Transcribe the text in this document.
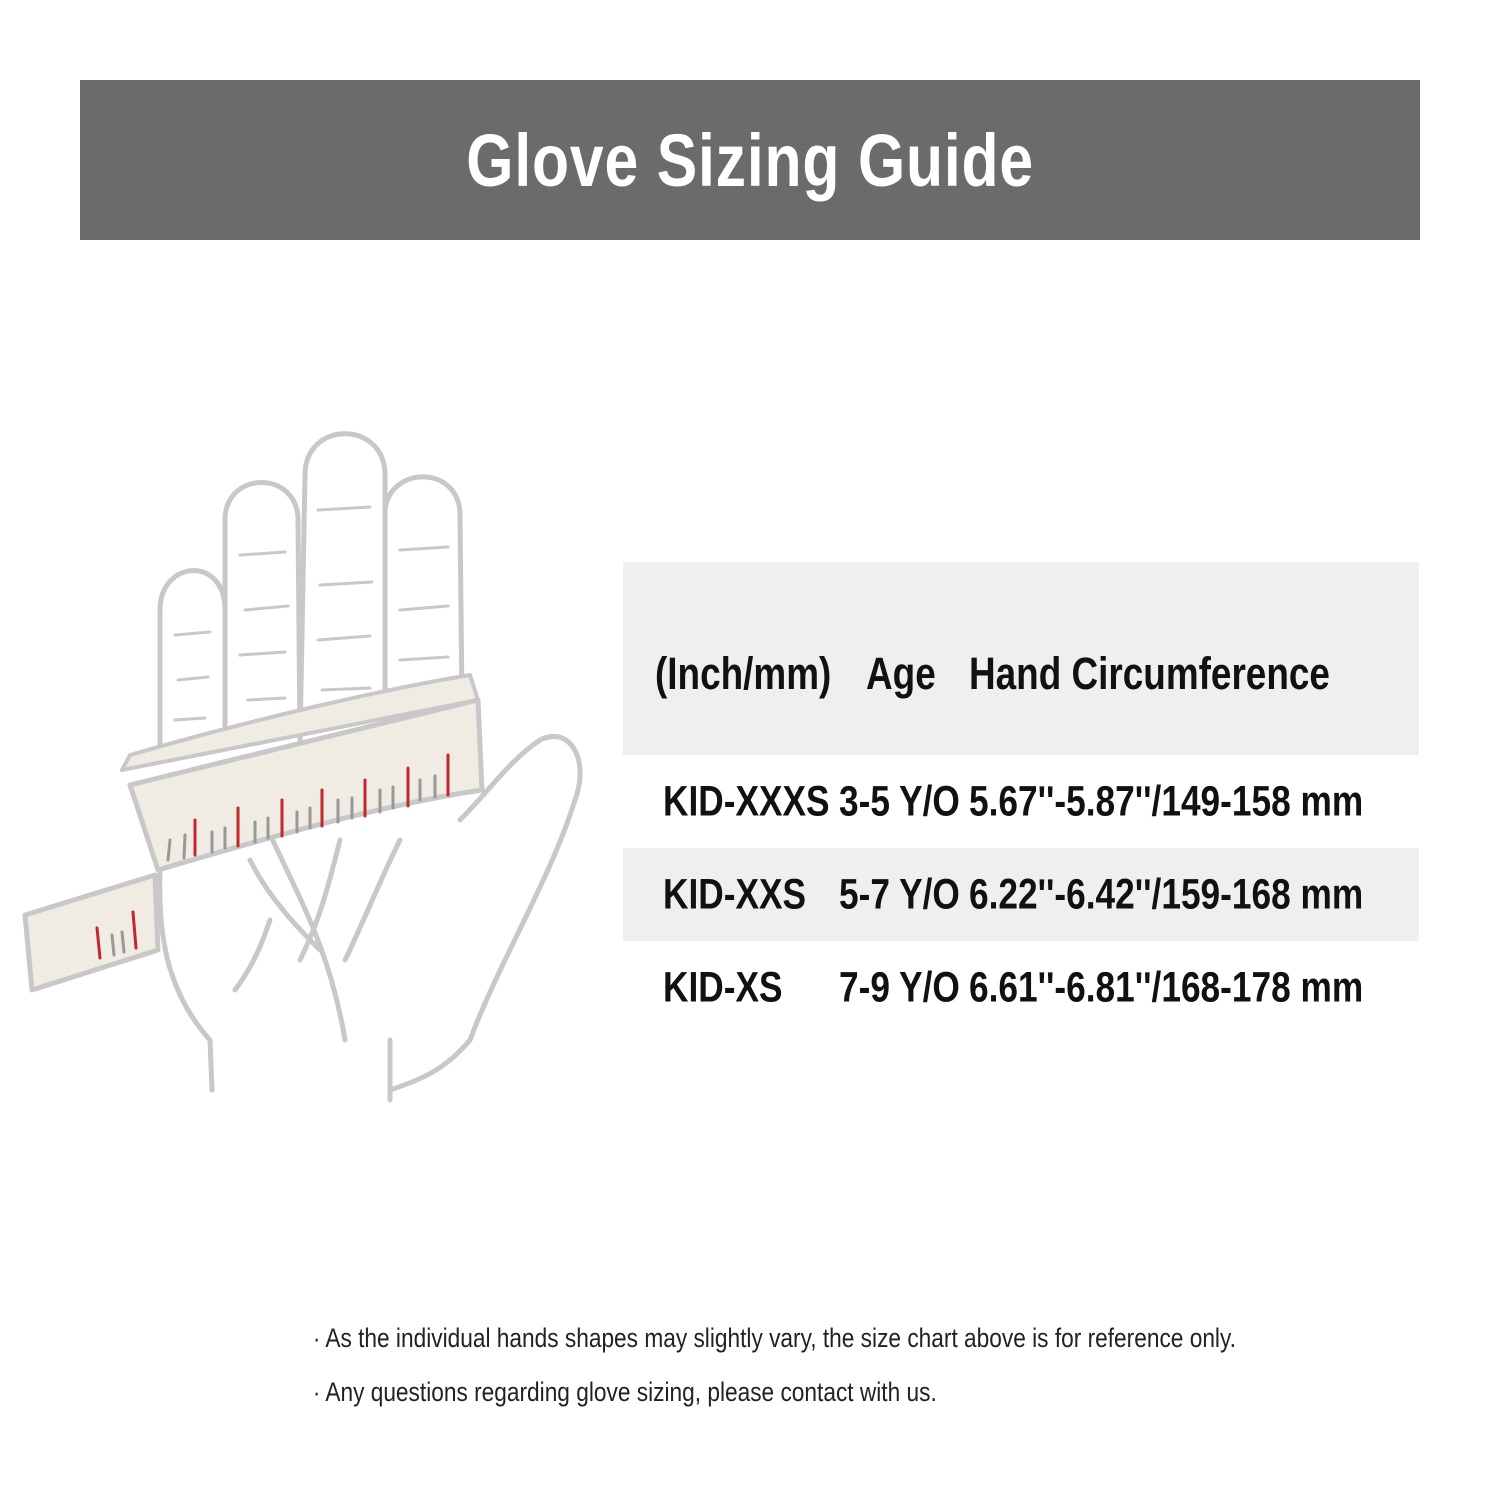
Glove Sizing Guide
(Inch/mm) Age Hand Circumference
KID-XXXS 3-5 Y/O 5.67''-5.87''/149-158 mm
KID-XXS 5-7 Y/O 6.22''-6.42''/159-168 mm
KID-XS 7-9 Y/O 6.61''-6.81''/168-178 mm
· As the individual hands shapes may slightly vary, the size chart above is for reference only.
· Any questions regarding glove sizing, please contact with us.
